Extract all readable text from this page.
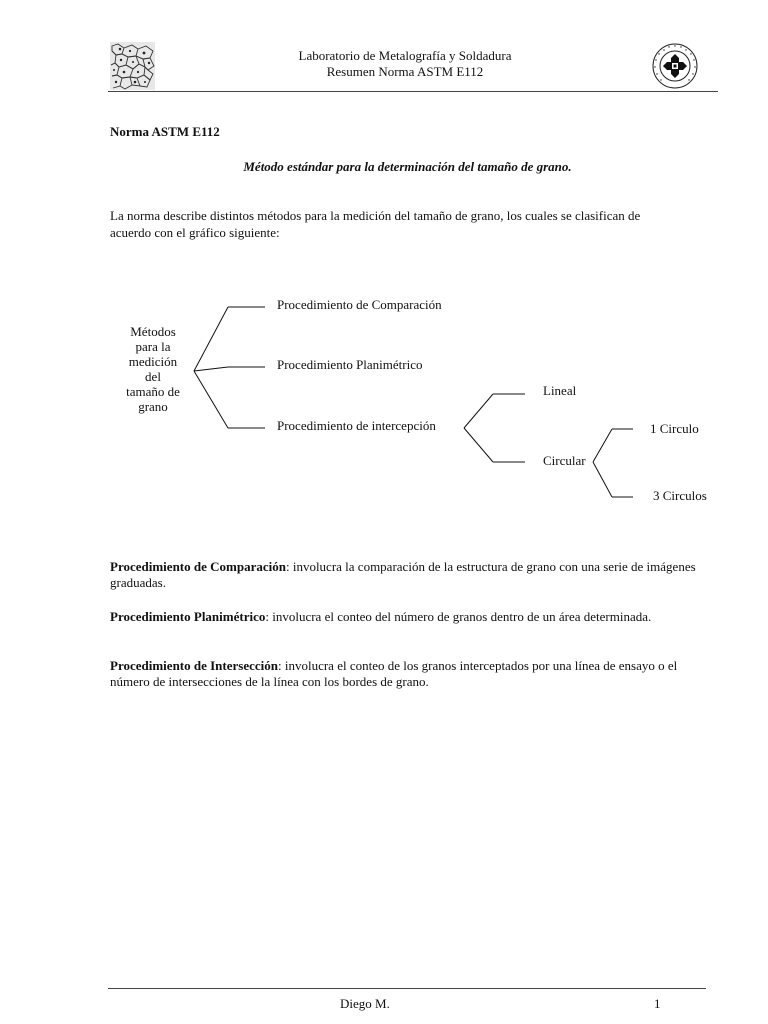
Laboratorio de Metalografía y Soldadura
Resumen Norma ASTM E112
Norma ASTM E112
Método estándar para la determinación del tamaño de grano.
La norma describe distintos métodos para la medición del tamaño de grano, los cuales se clasifican de acuerdo con el gráfico siguiente:
Métodos
para la
medición
del
tamaño de
grano
Procedimiento de Comparación
Procedimiento Planimétrico
Procedimiento de intercepción
Lineal
Circular
1 Circulo
3 Circulos
Procedimiento de Comparación: involucra la comparación de la estructura de grano con una serie de imágenes graduadas.
Procedimiento Planimétrico: involucra el conteo del número de granos dentro de un área determinada.
Procedimiento de Intersección: involucra el conteo de los granos interceptados por una línea de ensayo o el número de intersecciones de la línea con los bordes de grano.
Diego M.	1
